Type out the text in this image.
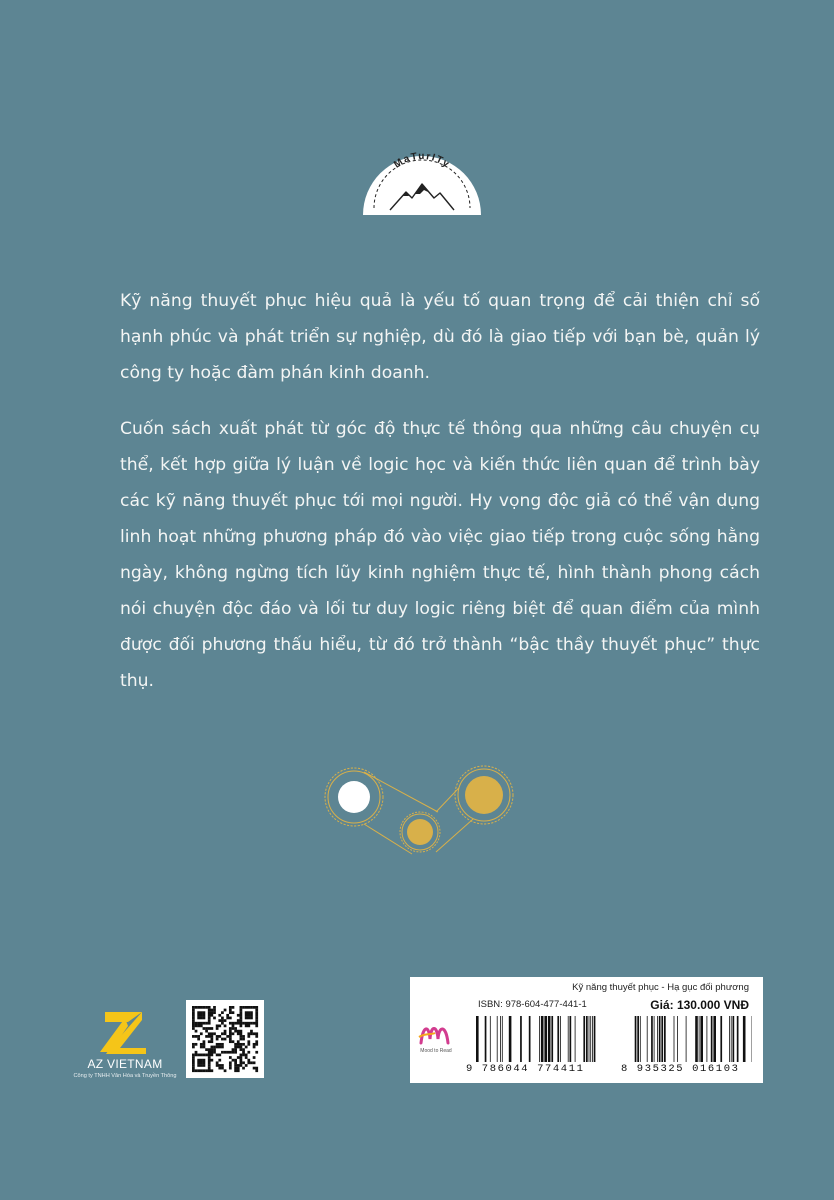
MaTurITy

Kỹ năng thuyết phục hiệu quả là yếu tố quan trọng để cải thiện chỉ số hạnh phúc và phát triển sự nghiệp, dù đó là giao tiếp với bạn bè, quản lý công ty hoặc đàm phán kinh doanh.

Cuốn sách xuất phát từ góc độ thực tế thông qua những câu chuyện cụ thể, kết hợp giữa lý luận về logic học và kiến thức liên quan để trình bày các kỹ năng thuyết phục tới mọi người. Hy vọng độc giả có thể vận dụng linh hoạt những phương pháp đó vào việc giao tiếp trong cuộc sống hằng ngày, không ngừng tích lũy kinh nghiệm thực tế, hình thành phong cách nói chuyện độc đáo và lối tư duy logic riêng biệt để quan điểm của mình được đối phương thấu hiểu, từ đó trở thành “bậc thầy thuyết phục” thực thụ.

AZ VIETNAM
Công ty TNHH Văn Hóa và Truyền Thông
Kỹ năng thuyết phục - Hạ gục đối phương
ISBN: 978-604-477-441-1	Giá: 130.000 VNĐ
Mood to Read
9 786044 774411	8 935325 016103
